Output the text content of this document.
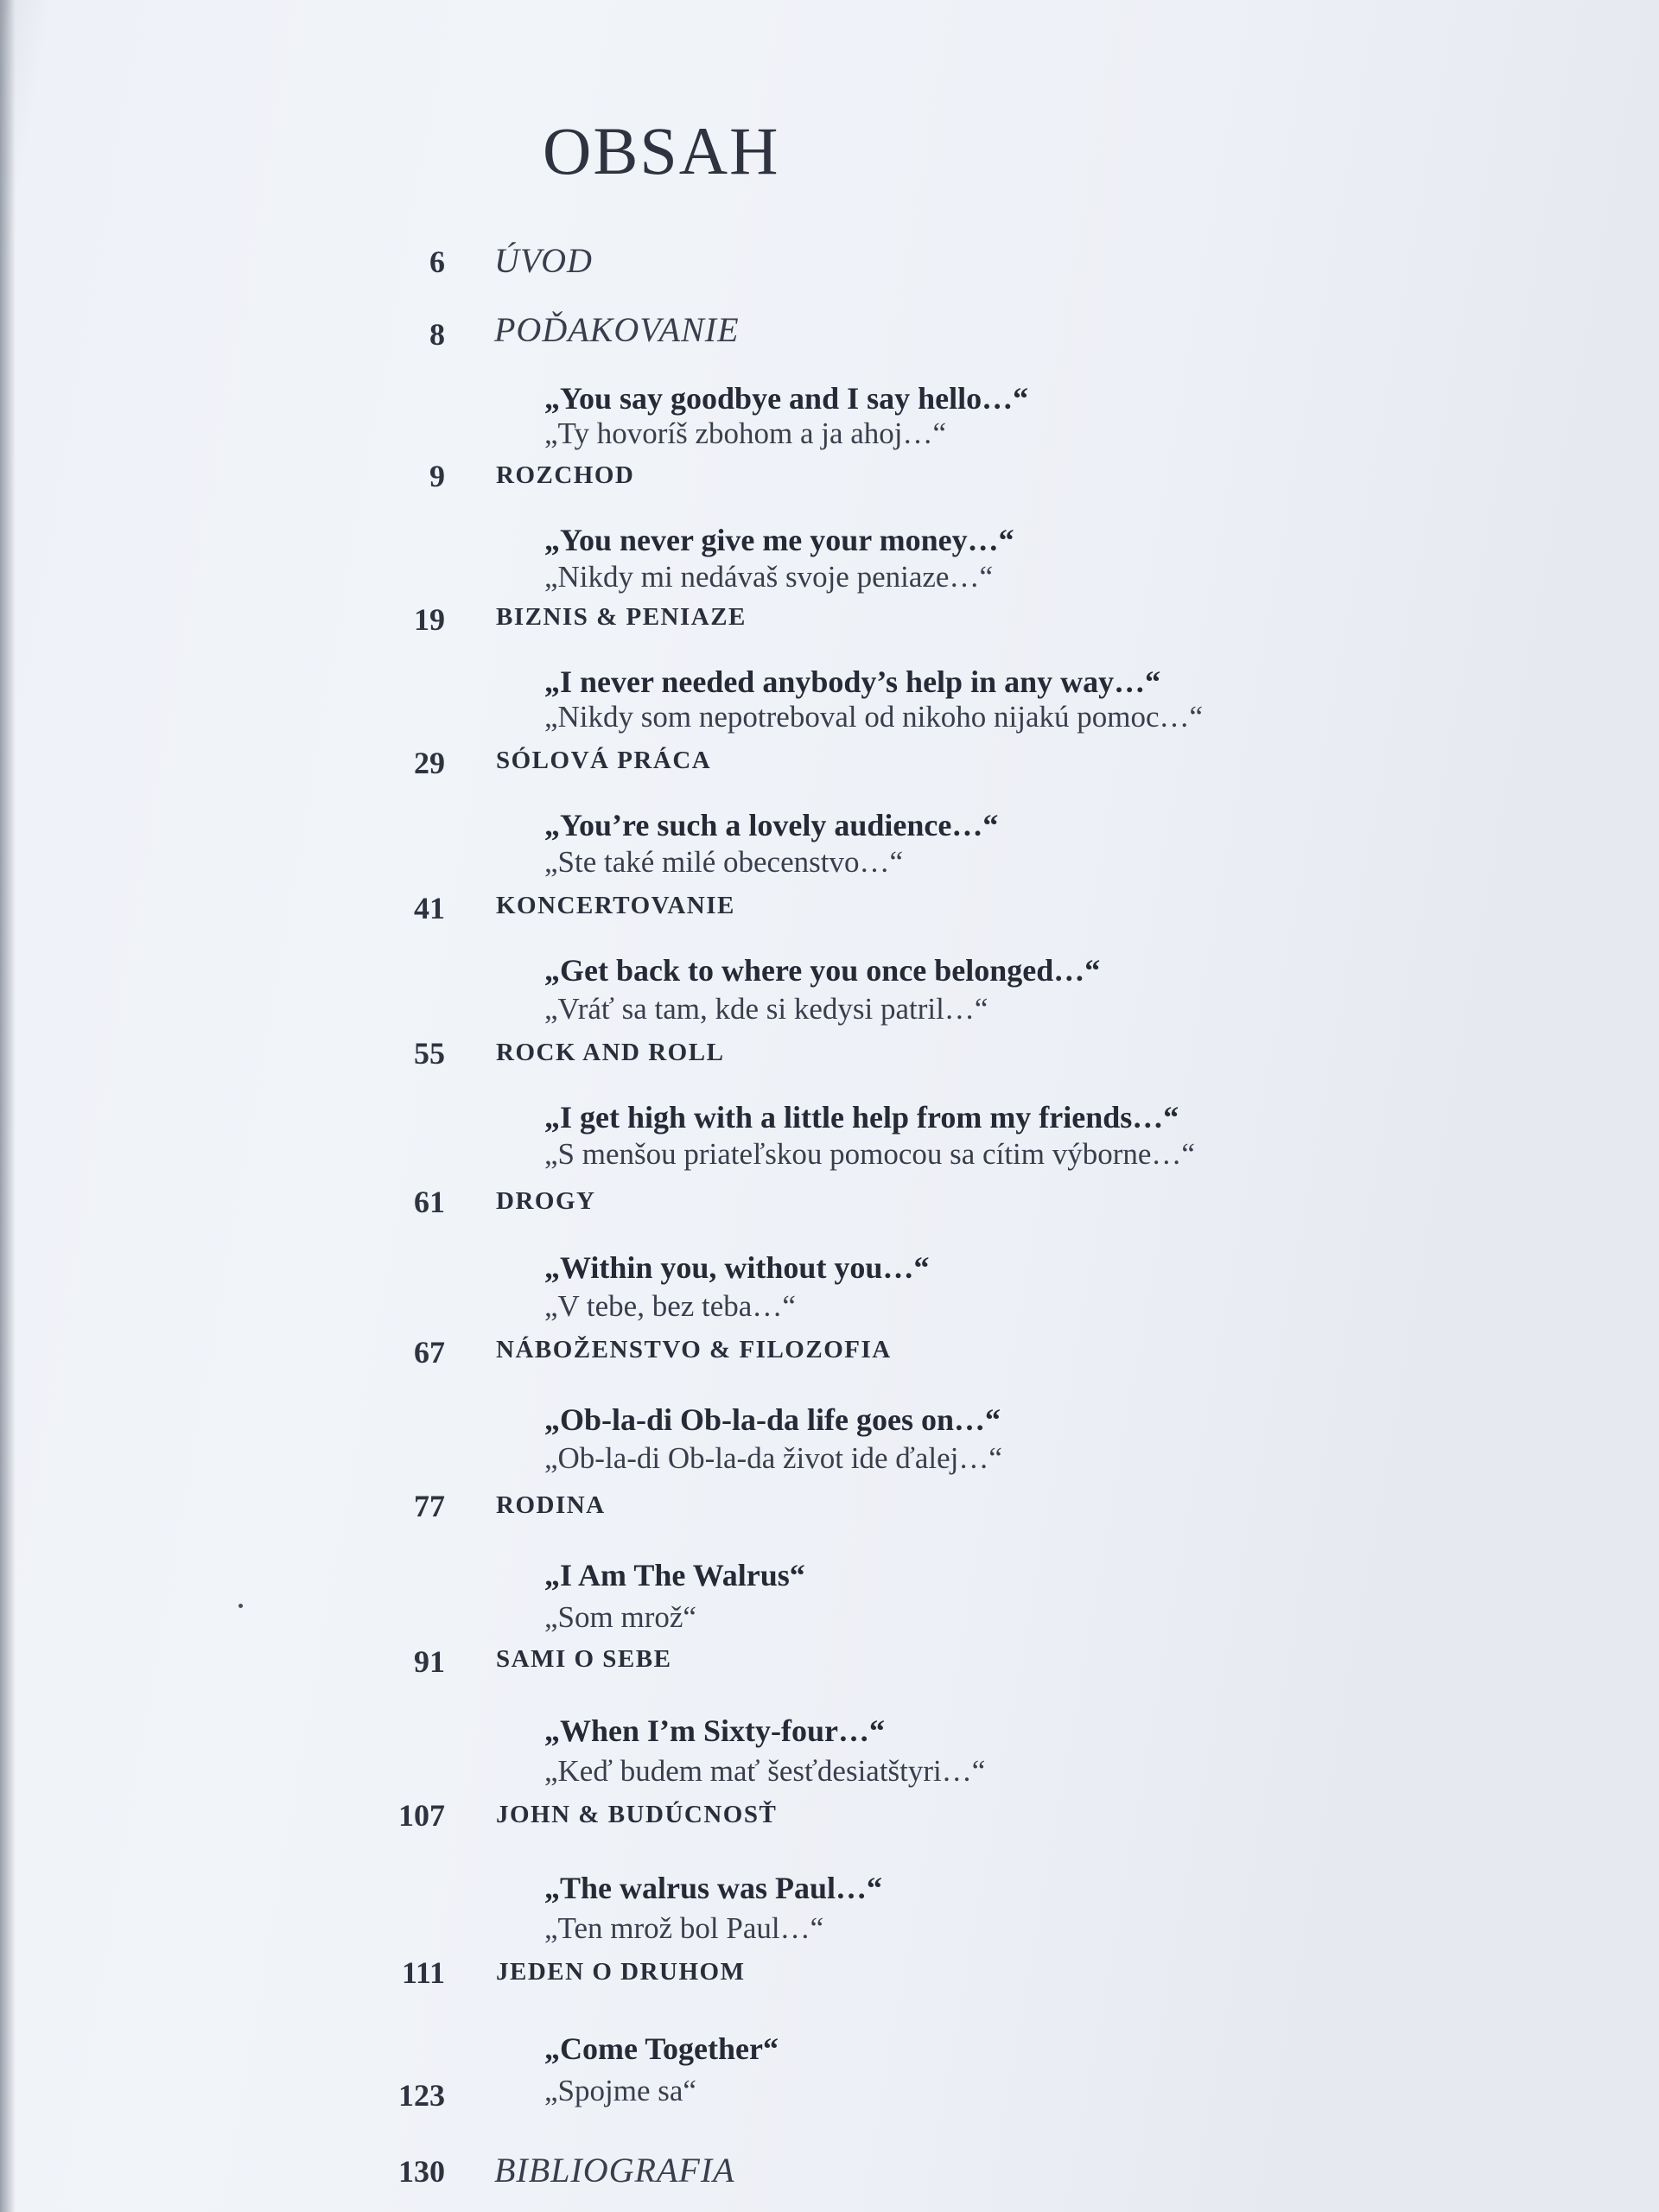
OBSAH
6 ÚVOD
8 POĎAKOVANIE
„You say goodbye and I say hello…“
„Ty hovoríš zbohom a ja ahoj…“
9 ROZCHOD
„You never give me your money…“
„Nikdy mi nedávaš svoje peniaze…“
19 BIZNIS & PENIAZE
„I never needed anybody’s help in any way…“
„Nikdy som nepotreboval od nikoho nijakú pomoc…“
29 SÓLOVÁ PRÁCA
„You’re such a lovely audience…“
„Ste také milé obecenstvo…“
41 KONCERTOVANIE
„Get back to where you once belonged…“
„Vráť sa tam, kde si kedysi patril…“
55 ROCK AND ROLL
„I get high with a little help from my friends…“
„S menšou priateľskou pomocou sa cítim výborne…“
61 DROGY
„Within you, without you…“
„V tebe, bez teba…“
67 NÁBOŽENSTVO & FILOZOFIA
„Ob-la-di Ob-la-da life goes on…“
„Ob-la-di Ob-la-da život ide ďalej…“
77 RODINA
„I Am The Walrus“
„Som mrož“
91 SAMI O SEBE
„When I’m Sixty-four…“
„Keď budem mať šesťdesiatštyri…“
107 JOHN & BUDÚCNOSŤ
„The walrus was Paul…“
„Ten mrož bol Paul…“
111 JEDEN O DRUHOM
„Come Together“
123	„Spojme sa“
130 BIBLIOGRAFIA
